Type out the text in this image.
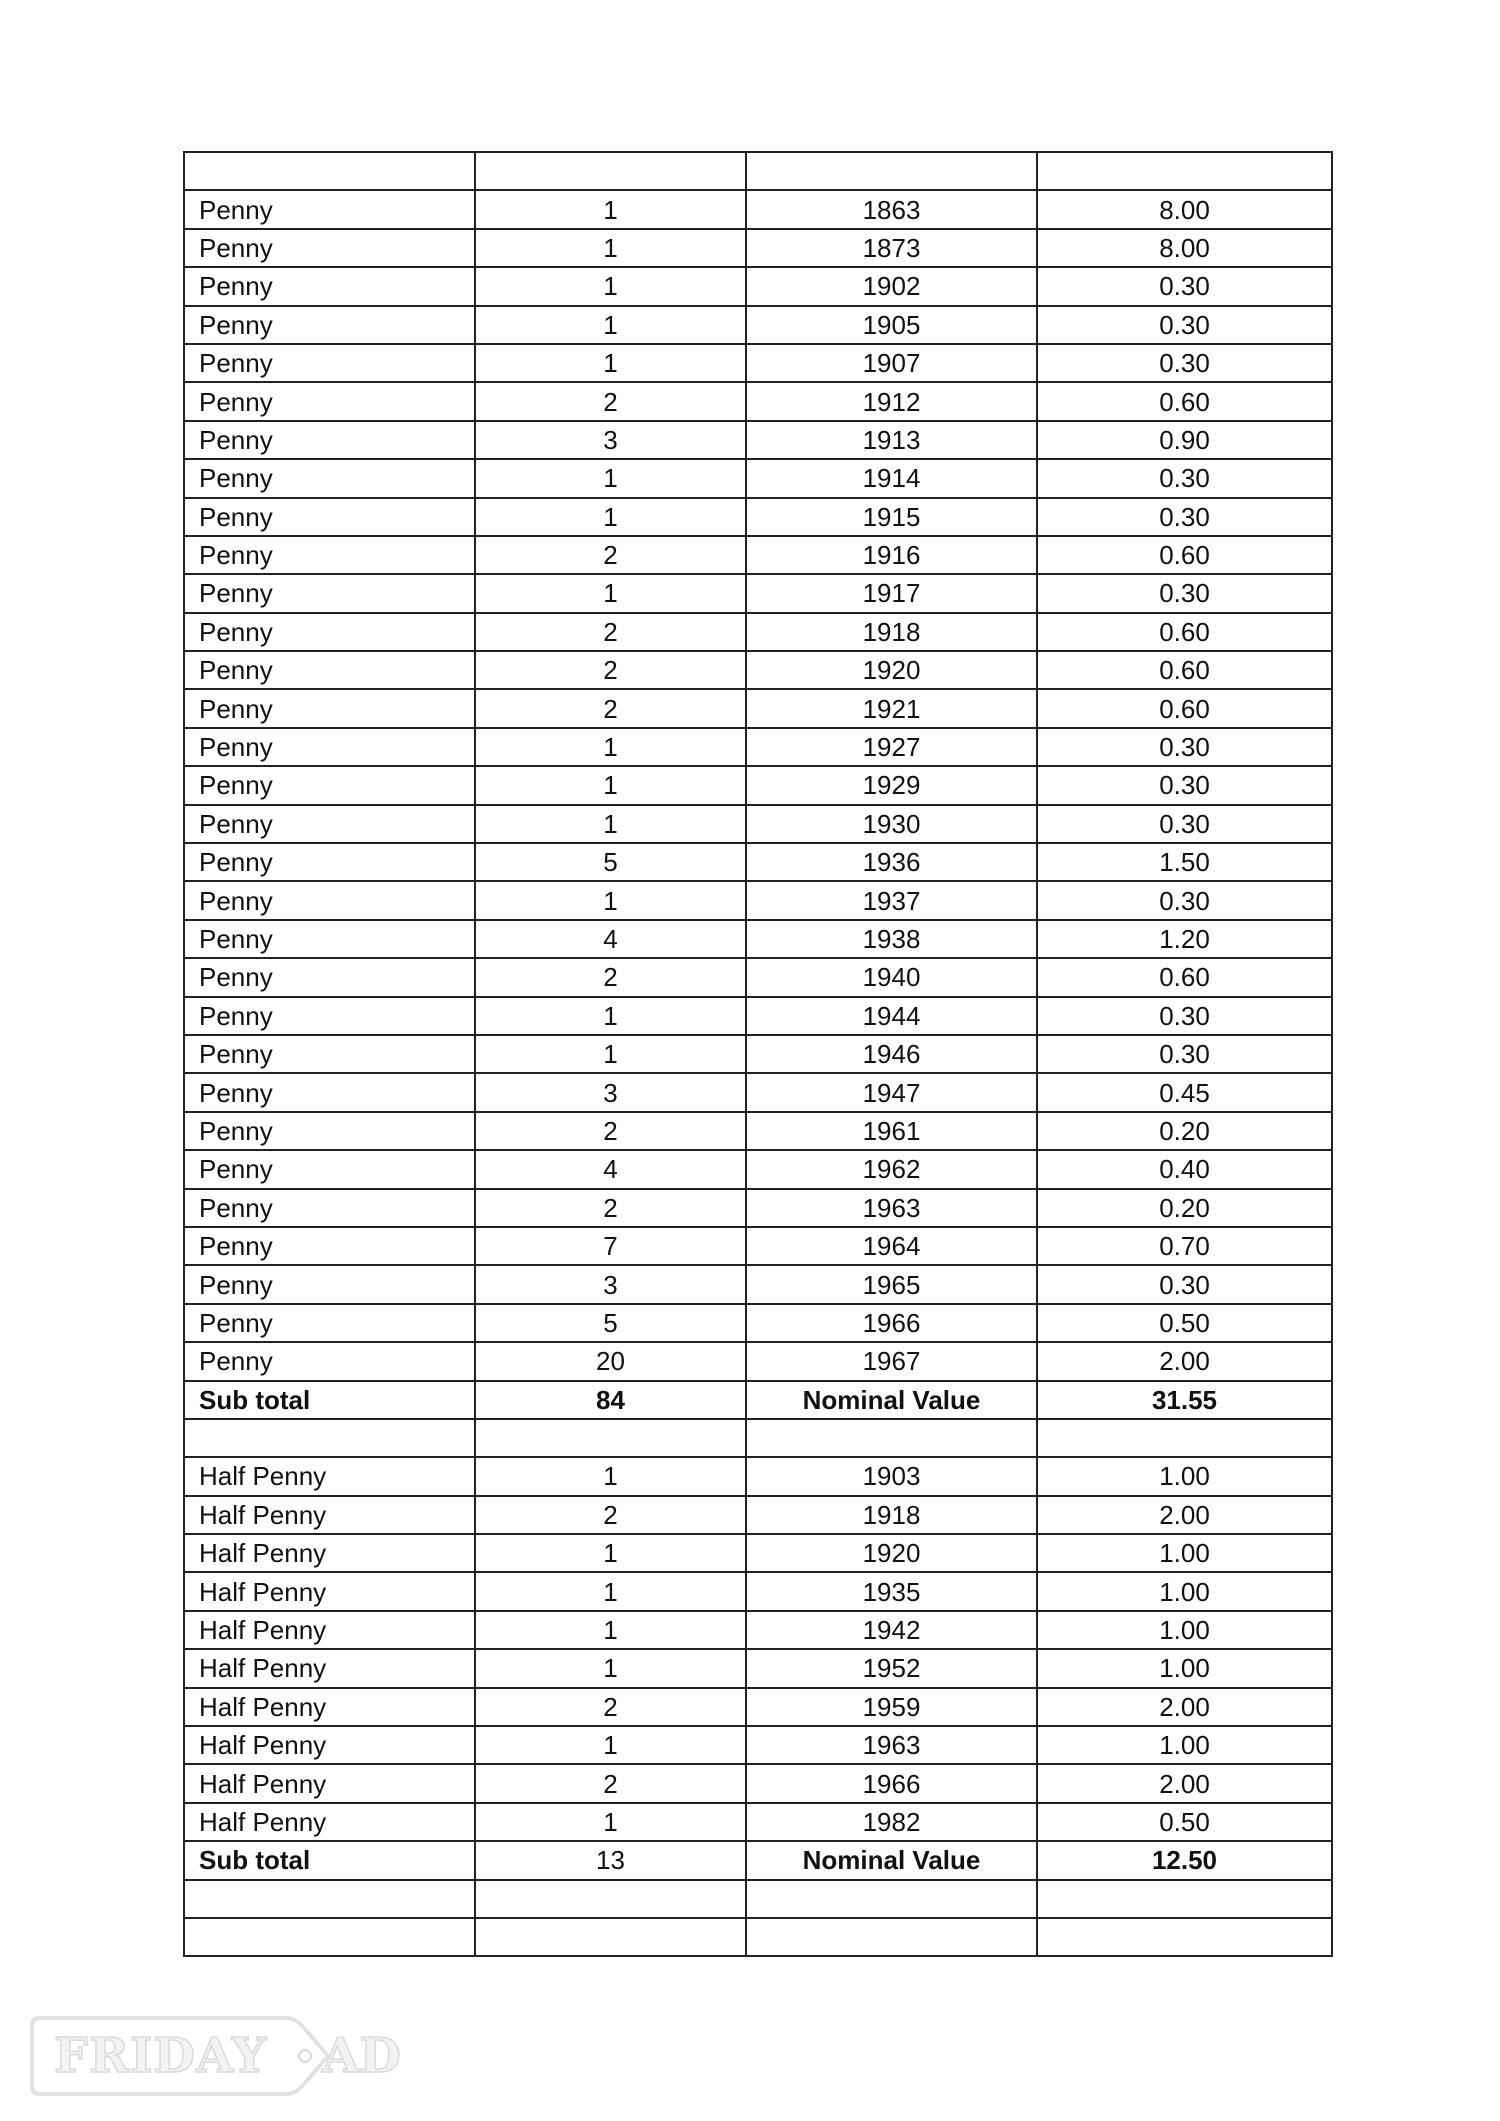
Penny	1	1863	8.00
Penny	1	1873	8.00
Penny	1	1902	0.30
Penny	1	1905	0.30
Penny	1	1907	0.30
Penny	2	1912	0.60
Penny	3	1913	0.90
Penny	1	1914	0.30
Penny	1	1915	0.30
Penny	2	1916	0.60
Penny	1	1917	0.30
Penny	2	1918	0.60
Penny	2	1920	0.60
Penny	2	1921	0.60
Penny	1	1927	0.30
Penny	1	1929	0.30
Penny	1	1930	0.30
Penny	5	1936	1.50
Penny	1	1937	0.30
Penny	4	1938	1.20
Penny	2	1940	0.60
Penny	1	1944	0.30
Penny	1	1946	0.30
Penny	3	1947	0.45
Penny	2	1961	0.20
Penny	4	1962	0.40
Penny	2	1963	0.20
Penny	7	1964	0.70
Penny	3	1965	0.30
Penny	5	1966	0.50
Penny	20	1967	2.00
Sub total	84	Nominal Value	31.55

Half Penny	1	1903	1.00
Half Penny	2	1918	2.00
Half Penny	1	1920	1.00
Half Penny	1	1935	1.00
Half Penny	1	1942	1.00
Half Penny	1	1952	1.00
Half Penny	2	1959	2.00
Half Penny	1	1963	1.00
Half Penny	2	1966	2.00
Half Penny	1	1982	0.50
Sub total	13	Nominal Value	12.50

FRIDAY AD
